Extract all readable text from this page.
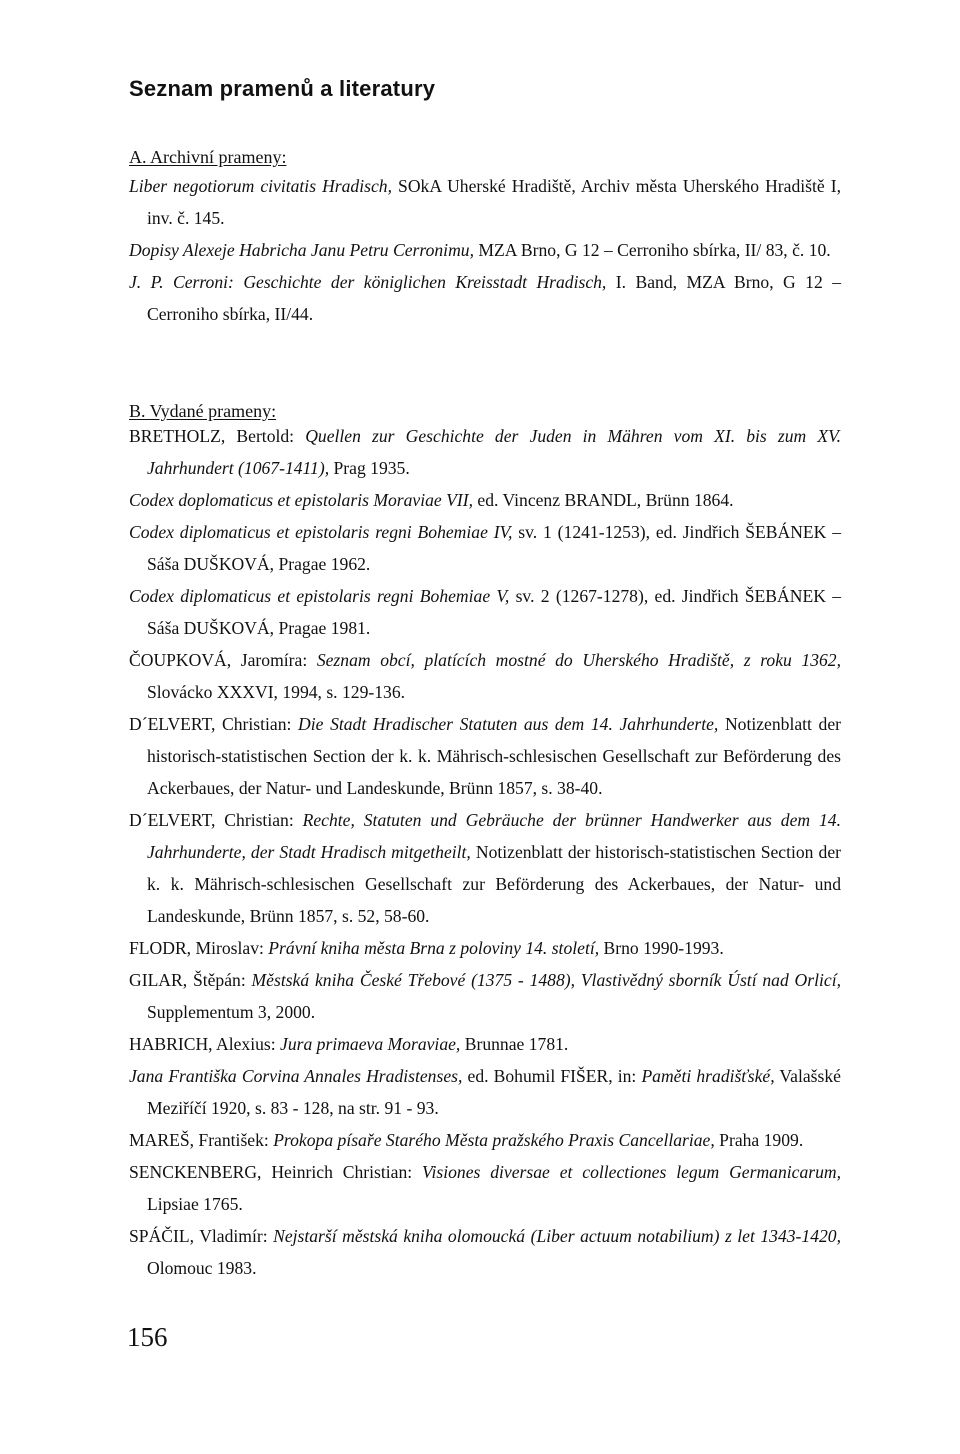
Seznam pramenů a literatury
A. Archivní prameny:
Liber negotiorum civitatis Hradisch, SOkA Uherské Hradiště, Archiv města Uherského Hradiště I, inv. č. 145.
Dopisy Alexeje Habricha Janu Petru Cerronimu, MZA Brno, G 12 – Cerroniho sbírka, II/ 83, č. 10.
J. P. Cerroni: Geschichte der königlichen Kreisstadt Hradisch, I. Band, MZA Brno, G 12 – Cerroniho sbírka, II/44.
B. Vydané prameny:
BRETHOLZ, Bertold: Quellen zur Geschichte der Juden in Mähren vom XI. bis zum XV. Jahrhundert (1067-1411), Prag 1935.
Codex doplomaticus et epistolaris Moraviae VII, ed. Vincenz BRANDL, Brünn 1864.
Codex diplomaticus et epistolaris regni Bohemiae IV, sv. 1 (1241-1253), ed. Jindřich ŠEBÁNEK – Sáša DUŠKOVÁ, Pragae 1962.
Codex diplomaticus et epistolaris regni Bohemiae V, sv. 2 (1267-1278), ed. Jindřich ŠEBÁNEK – Sáša DUŠKOVÁ, Pragae 1981.
ČOUPKOVÁ, Jaromíra: Seznam obcí, platících mostné do Uherského Hradiště, z roku 1362, Slovácko XXXVI, 1994, s. 129-136.
D´ELVERT, Christian: Die Stadt Hradischer Statuten aus dem 14. Jahrhunderte, Notizenblatt der historisch-statistischen Section der k. k. Mährisch-schlesischen Gesellschaft zur Beförderung des Ackerbaues, der Natur- und Landeskunde, Brünn 1857, s. 38-40.
D´ELVERT, Christian: Rechte, Statuten und Gebräuche der brünner Handwerker aus dem 14. Jahrhunderte, der Stadt Hradisch mitgetheilt, Notizenblatt der historisch-statistischen Section der k. k. Mährisch-schlesischen Gesellschaft zur Beförderung des Ackerbaues, der Natur- und Landeskunde, Brünn 1857, s. 52, 58-60.
FLODR, Miroslav: Právní kniha města Brna z poloviny 14. století, Brno 1990-1993.
GILAR, Štěpán: Městská kniha České Třebové (1375 - 1488), Vlastivědný sborník Ústí nad Orlicí, Supplementum 3, 2000.
HABRICH, Alexius: Jura primaeva Moraviae, Brunnae 1781.
Jana Františka Corvina Annales Hradistenses, ed. Bohumil FIŠER, in: Paměti hradišťské, Valašské Meziříčí 1920, s. 83 - 128, na str. 91 - 93.
MAREŠ, František: Prokopa písaře Starého Města pražského Praxis Cancellariae, Praha 1909.
SENCKENBERG, Heinrich Christian: Visiones diversae et collectiones legum Germanicarum, Lipsiae 1765.
SPÁČIL, Vladimír: Nejstarší městská kniha olomoucká (Liber actuum notabilium) z let 1343-1420, Olomouc 1983.
156
